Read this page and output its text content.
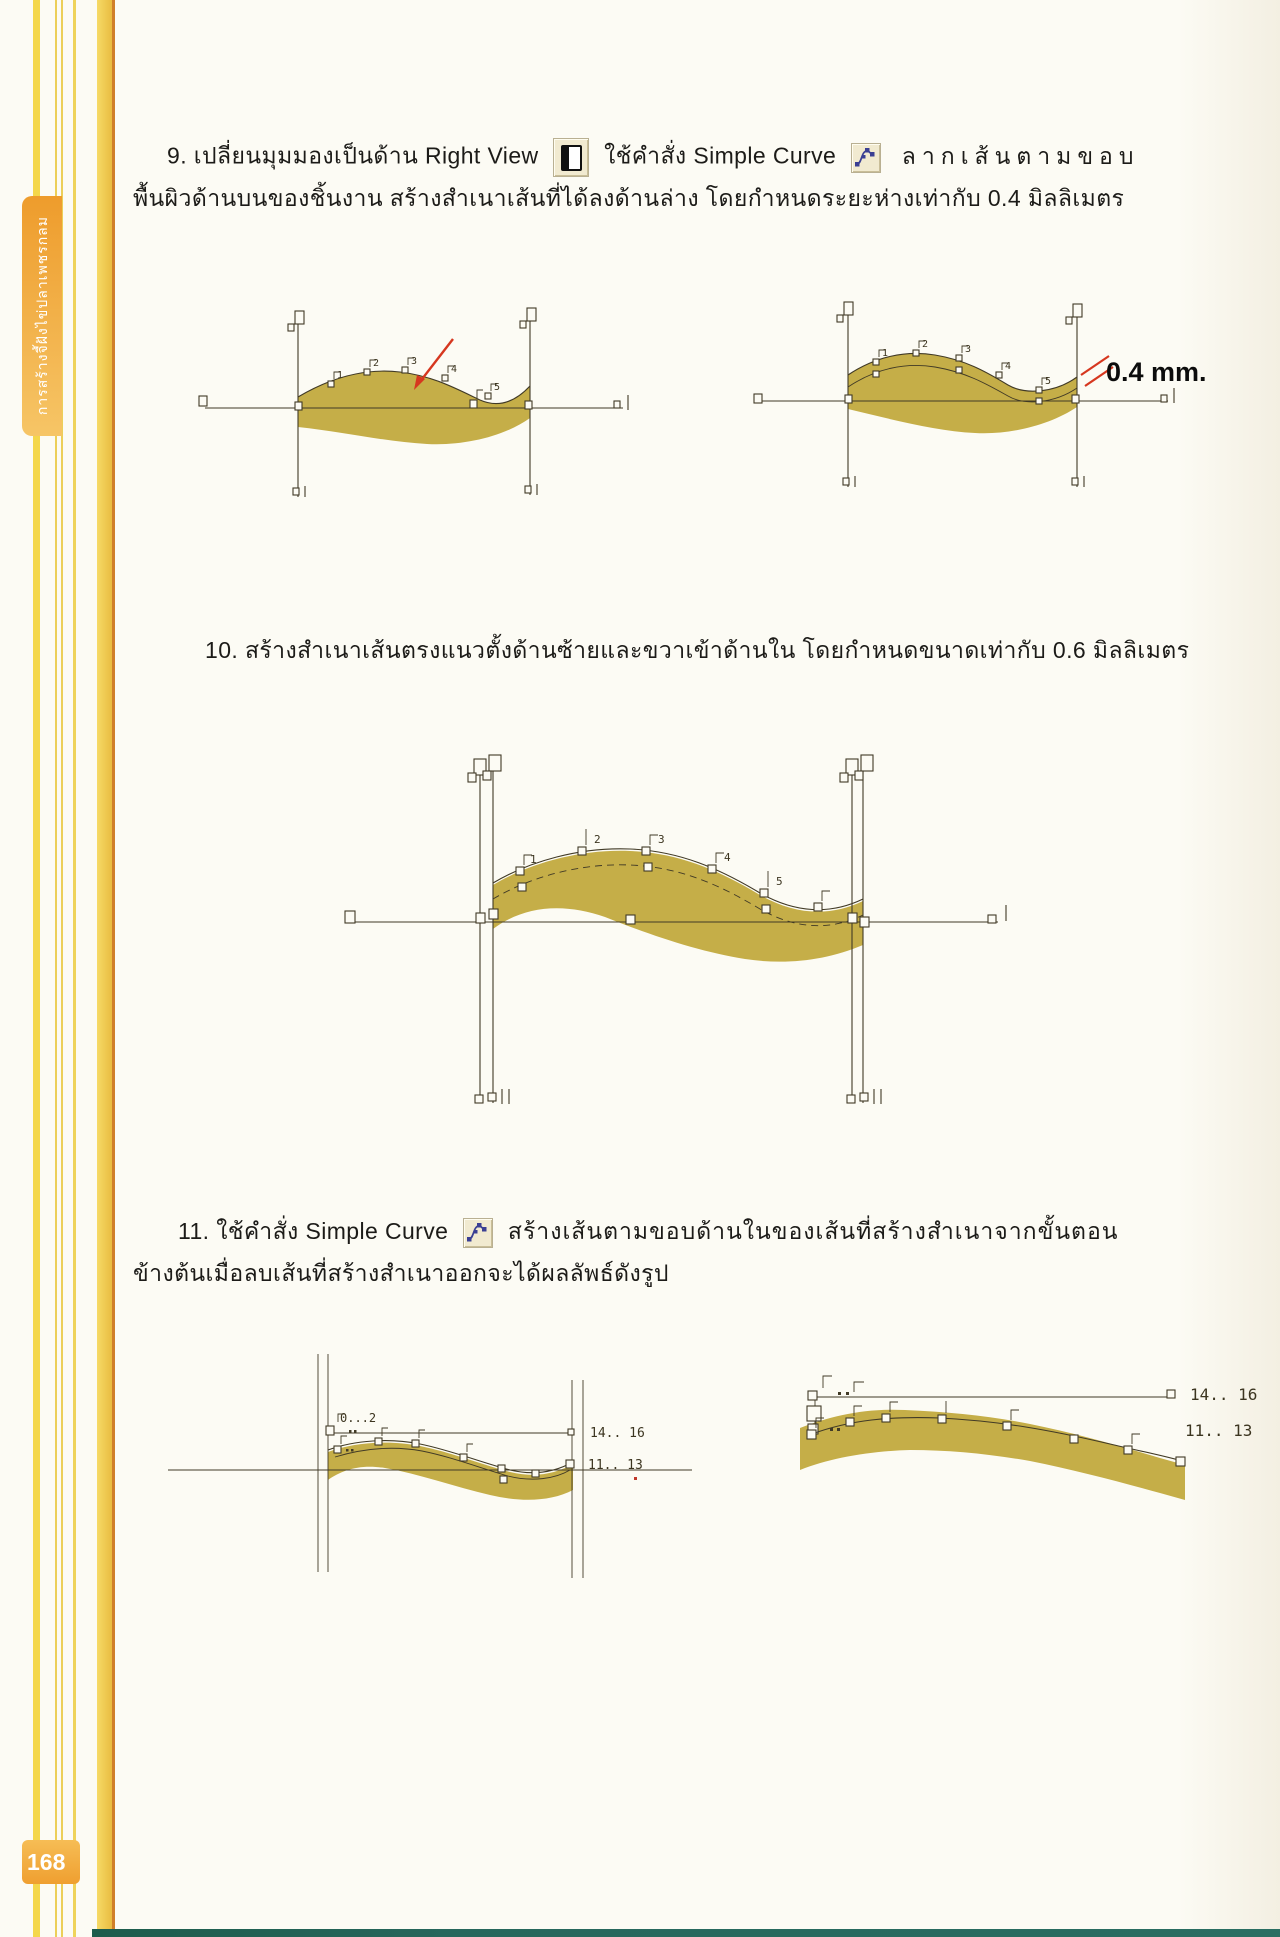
การสร้างจี้ฝังไข่ปลาเพชรกลม
168
9. เปลี่ยนมุมมองเป็นด้าน Right View	ใช้คำสั่ง Simple Curve	ลากเส้นตามขอบ
พื้นผิวด้านบนของชิ้นงาน สร้างสำเนาเส้นที่ได้ลงด้านล่าง โดยกำหนดระยะห่างเท่ากับ 0.4 มิลลิเมตร
1
2	3
4
5
1
2	3
4
5 0.4 mm.
10. สร้างสำเนาเส้นตรงแนวตั้งด้านซ้ายและขวาเข้าด้านใน โดยกำหนดขนาดเท่ากับ 0.6 มิลลิเมตร
1
2	3
4
5
11. ใช้คำสั่ง Simple Curve	สร้างเส้นตามขอบด้านในของเส้นที่สร้างสำเนาจากขั้นตอน
ข้างต้นเมื่อลบเส้นที่สร้างสำเนาออกจะได้ผลลัพธ์ดังรูป
0...2
14.. 16
11.. 13
14.. 16
11.. 13
